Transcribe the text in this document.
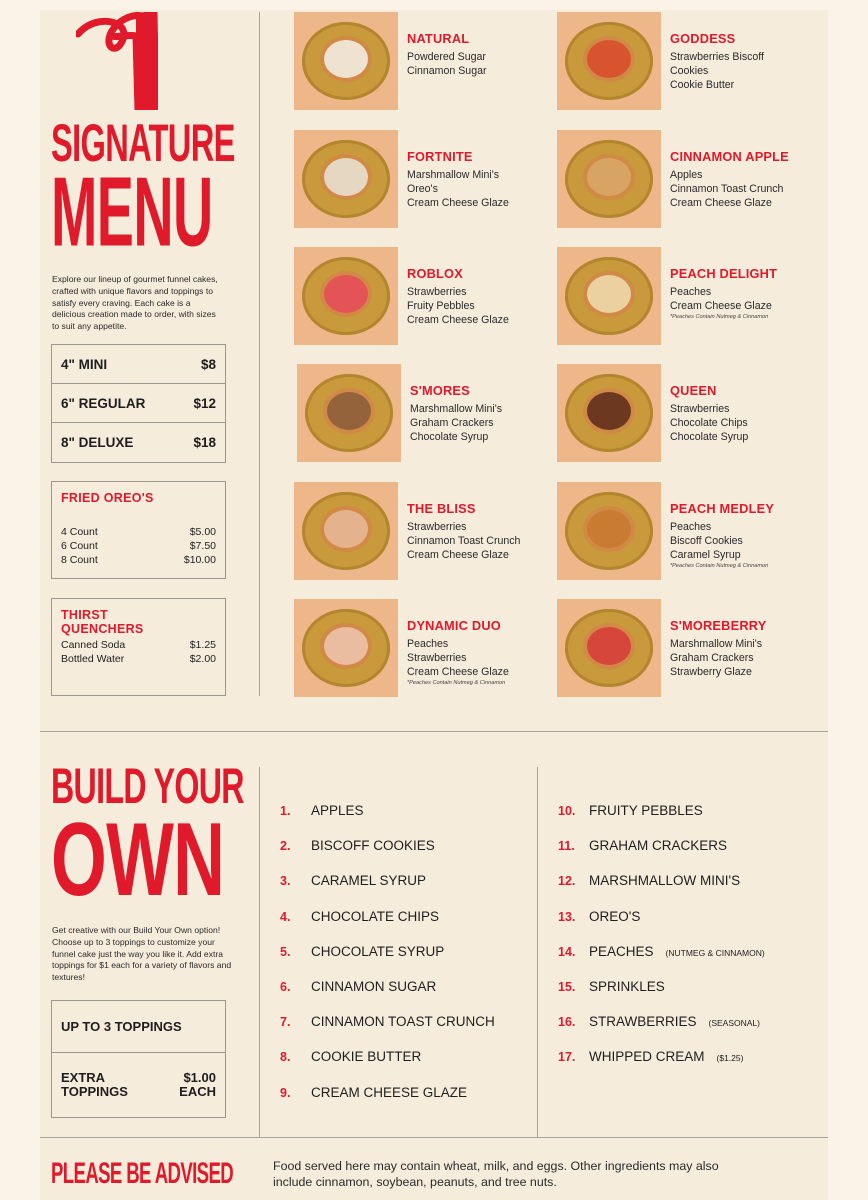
SIGNATURE
MENU

Explore our lineup of gourmet funnel cakes, crafted with unique flavors and toppings to satisfy every craving. Each cake is a delicious creation made to order, with sizes to suit any appetite.

4" MINI	$8
6" REGULAR	$12
8" DELUXE	$18
FRIED OREO'S
4 Count	$5.00
6 Count	$7.50
8 Count	$10.00
THIRST
QUENCHERS
Canned Soda	$1.25
Bottled Water	$2.00
NATURAL
Powdered Sugar
Cinnamon Sugar
GODDESS
Strawberries Biscoff
Cookies
Cookie Butter
FORTNITE
Marshmallow Mini's
Oreo's
Cream Cheese Glaze
CINNAMON APPLE
Apples
Cinnamon Toast Crunch
Cream Cheese Glaze
ROBLOX
Strawberries
Fruity Pebbles
Cream Cheese Glaze
PEACH DELIGHT
Peaches
Cream Cheese Glaze
*Peaches Contain Nutmeg & Cinnamon
S'MORES
Marshmallow Mini's
Graham Crackers
Chocolate Syrup
QUEEN
Strawberries
Chocolate Chips
Chocolate Syrup
THE BLISS
Strawberries
Cinnamon Toast Crunch
Cream Cheese Glaze
PEACH MEDLEY
Peaches
Biscoff Cookies
Caramel Syrup
*Peaches Contain Nutmeg & Cinnamon
DYNAMIC DUO
Peaches
Strawberries
Cream Cheese Glaze
*Peaches Contain Nutmeg & Cinnamon
S'MOREBERRY
Marshmallow Mini's
Graham Crackers
Strawberry Glaze
BUILD YOUR
OWN

Get creative with our Build Your Own option! Choose up to 3 toppings to customize your funnel cake just the way you like it. Add extra toppings for $1 each for a variety of flavors and textures!

UP TO 3 TOPPINGS
EXTRA
TOPPINGS
$1.00
EACH
1.	APPLES
2.	BISCOFF COOKIES
3.	CARAMEL SYRUP
4.	CHOCOLATE CHIPS
5.	CHOCOLATE SYRUP
6.	CINNAMON SUGAR
7.	CINNAMON TOAST CRUNCH
8.	COOKIE BUTTER
9.	CREAM CHEESE GLAZE
10.	FRUITY PEBBLES
11.	GRAHAM CRACKERS
12.	MARSHMALLOW MINI'S
13.	OREO'S
14.	PEACHES (NUTMEG & CINNAMON)
15.	SPRINKLES
16.	STRAWBERRIES (SEASONAL)
17.	WHIPPED CREAM ($1.25)
PLEASE BE ADVISED	Food served here may contain wheat, milk, and eggs. Other ingredients may also include cinnamon, soybean, peanuts, and tree nuts.
